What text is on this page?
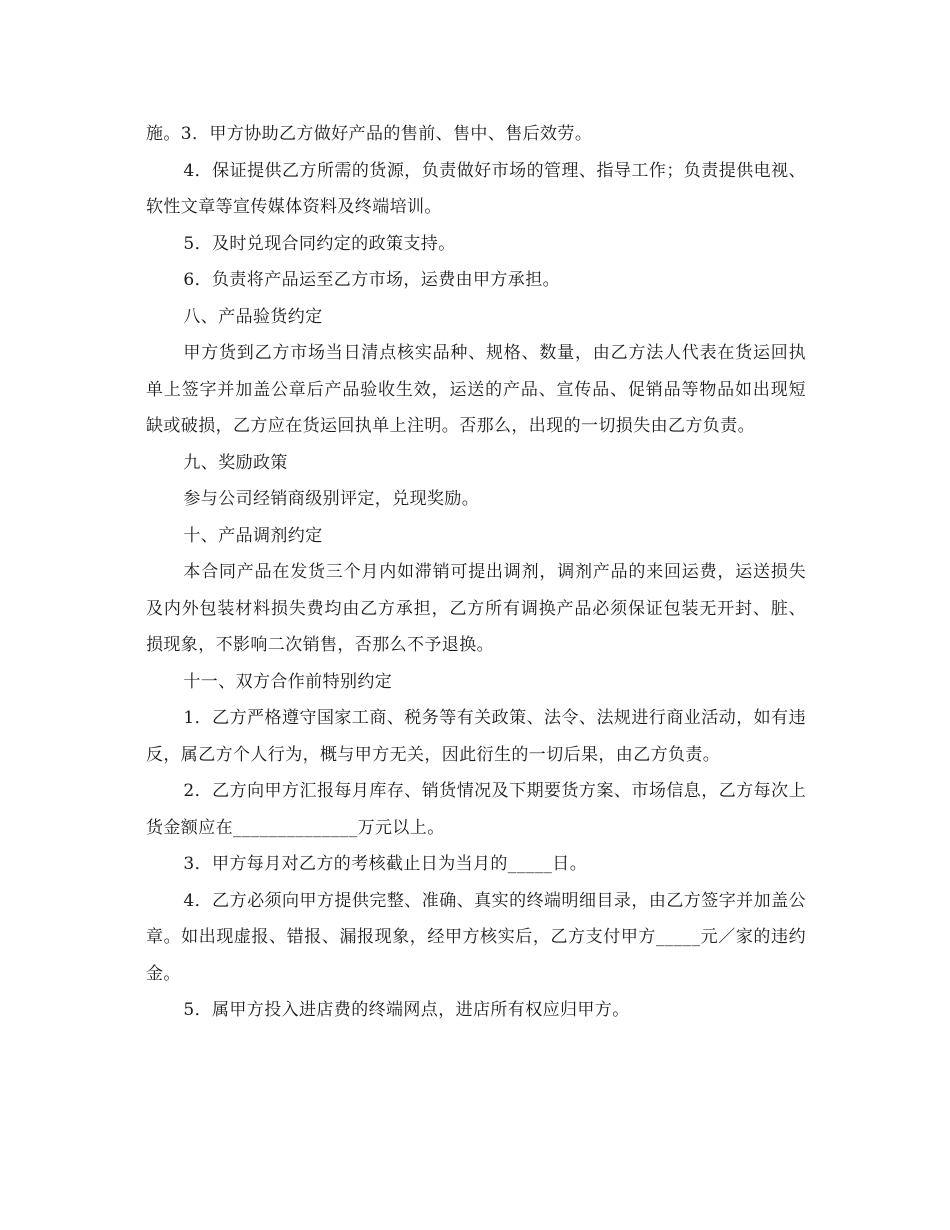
施。3．甲方协助乙方做好产品的售前、售中、售后效劳。

4．保证提供乙方所需的货源，负责做好市场的管理、指导工作；负责提供电视、软性文章等宣传媒体资料及终端培训。

5．及时兑现合同约定的政策支持。

6．负责将产品运至乙方市场，运费由甲方承担。

八、产品验货约定

甲方货到乙方市场当日清点核实品种、规格、数量，由乙方法人代表在货运回执单上签字并加盖公章后产品验收生效，运送的产品、宣传品、促销品等物品如出现短缺或破损，乙方应在货运回执单上注明。否那么，出现的一切损失由乙方负责。

九、奖励政策

参与公司经销商级别评定，兑现奖励。

十、产品调剂约定

本合同产品在发货三个月内如滞销可提出调剂，调剂产品的来回运费，运送损失及内外包装材料损失费均由乙方承担，乙方所有调换产品必须保证包装无开封、脏、损现象，不影响二次销售，否那么不予退换。

十一、双方合作前特别约定

1．乙方严格遵守国家工商、税务等有关政策、法令、法规进行商业活动，如有违反，属乙方个人行为，概与甲方无关，因此衍生的一切后果，由乙方负责。

2．乙方向甲方汇报每月库存、销货情况及下期要货方案、市场信息，乙方每次上货金额应在______________万元以上。

3．甲方每月对乙方的考核截止日为当月的_____日。

4．乙方必须向甲方提供完整、准确、真实的终端明细目录，由乙方签字并加盖公章。如出现虚报、错报、漏报现象，经甲方核实后，乙方支付甲方_____元／家的违约金。

5．属甲方投入进店费的终端网点，进店所有权应归甲方。
